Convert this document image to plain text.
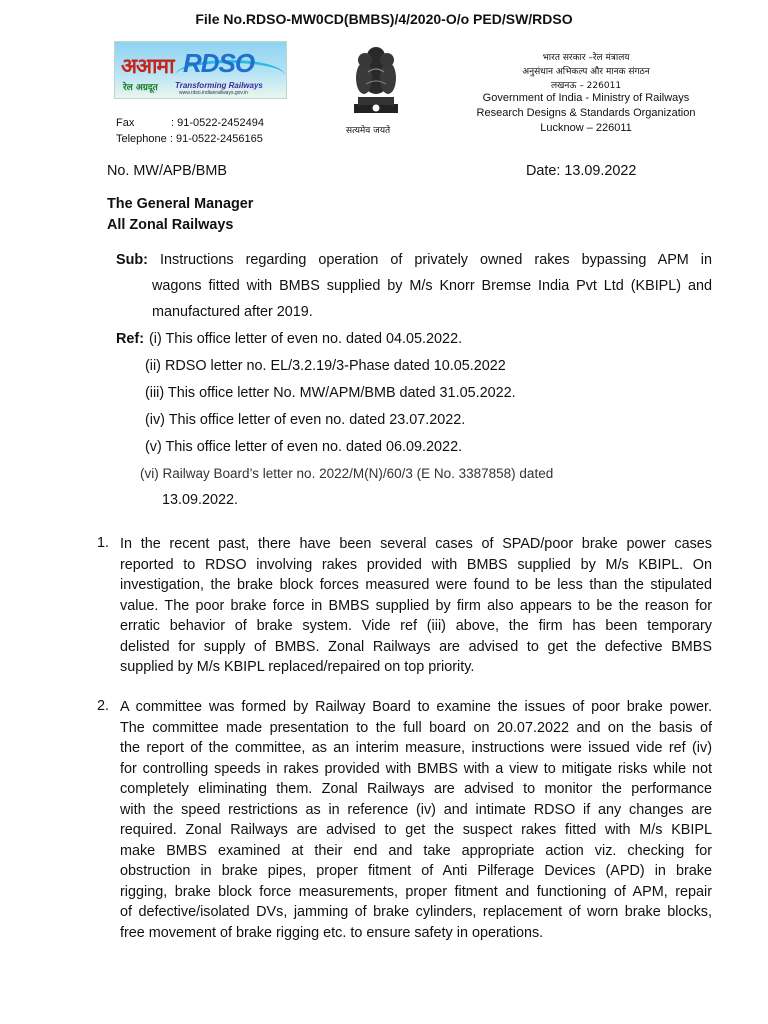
File No.RDSO-MW0CD(BMBS)/4/2020-O/o PED/SW/RDSO
अआमा RDSO
रेल अग्रदूत Transforming Railways
www.rdso.indianrailways.gov.in
Fax	: 91-0522-2452494
Telephone : 91-0522-2456165
सत्यमेव जयते
भारत सरकार –रेल मंत्रालय
अनुसंधान अभिकल्प और मानक संगठन
लखनऊ – 226011
Government of India - Ministry of Railways
Research Designs & Standards Organization
Lucknow – 226011
No. MW/APB/BMB	Date: 13.09.2022
The General Manager
All Zonal Railways
Sub: Instructions regarding operation of privately owned rakes bypassing APM in
wagons fitted with BMBS supplied by M/s Knorr Bremse India Pvt Ltd (KBIPL) and
manufactured after 2019.
Ref: (i) This office letter of even no. dated 04.05.2022.
(ii) RDSO letter no. EL/3.2.19/3-Phase dated 10.05.2022
(iii) This office letter No. MW/APM/BMB dated 31.05.2022.
(iv) This office letter of even no. dated 23.07.2022.
(v) This office letter of even no. dated 06.09.2022.
(vi) Railway Board’s letter no. 2022/M(N)/60/3 (E No. 3387858) dated
13.09.2022.
1. In the recent past, there have been several cases of SPAD/poor brake power cases
reported to RDSO involving rakes provided with BMBS supplied by M/s KBIPL. On
investigation, the brake block forces measured were found to be less than the stipulated
value. The poor brake force in BMBS supplied by firm also appears to be the reason for
erratic behavior of brake system. Vide ref (iii) above, the firm has been temporary
delisted for supply of BMBS. Zonal Railways are advised to get the defective BMBS
supplied by M/s KBIPL replaced/repaired on top priority.
2. A committee was formed by Railway Board to examine the issues of poor brake power.
The committee made presentation to the full board on 20.07.2022 and on the basis of
the report of the committee, as an interim measure, instructions were issued vide ref (iv)
for controlling speeds in rakes provided with BMBS with a view to mitigate risks while not
completely eliminating them. Zonal Railways are advised to monitor the performance
with the speed restrictions as in reference (iv) and intimate RDSO if any changes are
required. Zonal Railways are advised to get the suspect rakes fitted with M/s KBIPL
make BMBS examined at their end and take appropriate action viz. checking for
obstruction in brake pipes, proper fitment of Anti Pilferage Devices (APD) in brake
rigging, brake block force measurements, proper fitment and functioning of APM, repair
of defective/isolated DVs, jamming of brake cylinders, replacement of worn brake blocks,
free movement of brake rigging etc. to ensure safety in operations.
